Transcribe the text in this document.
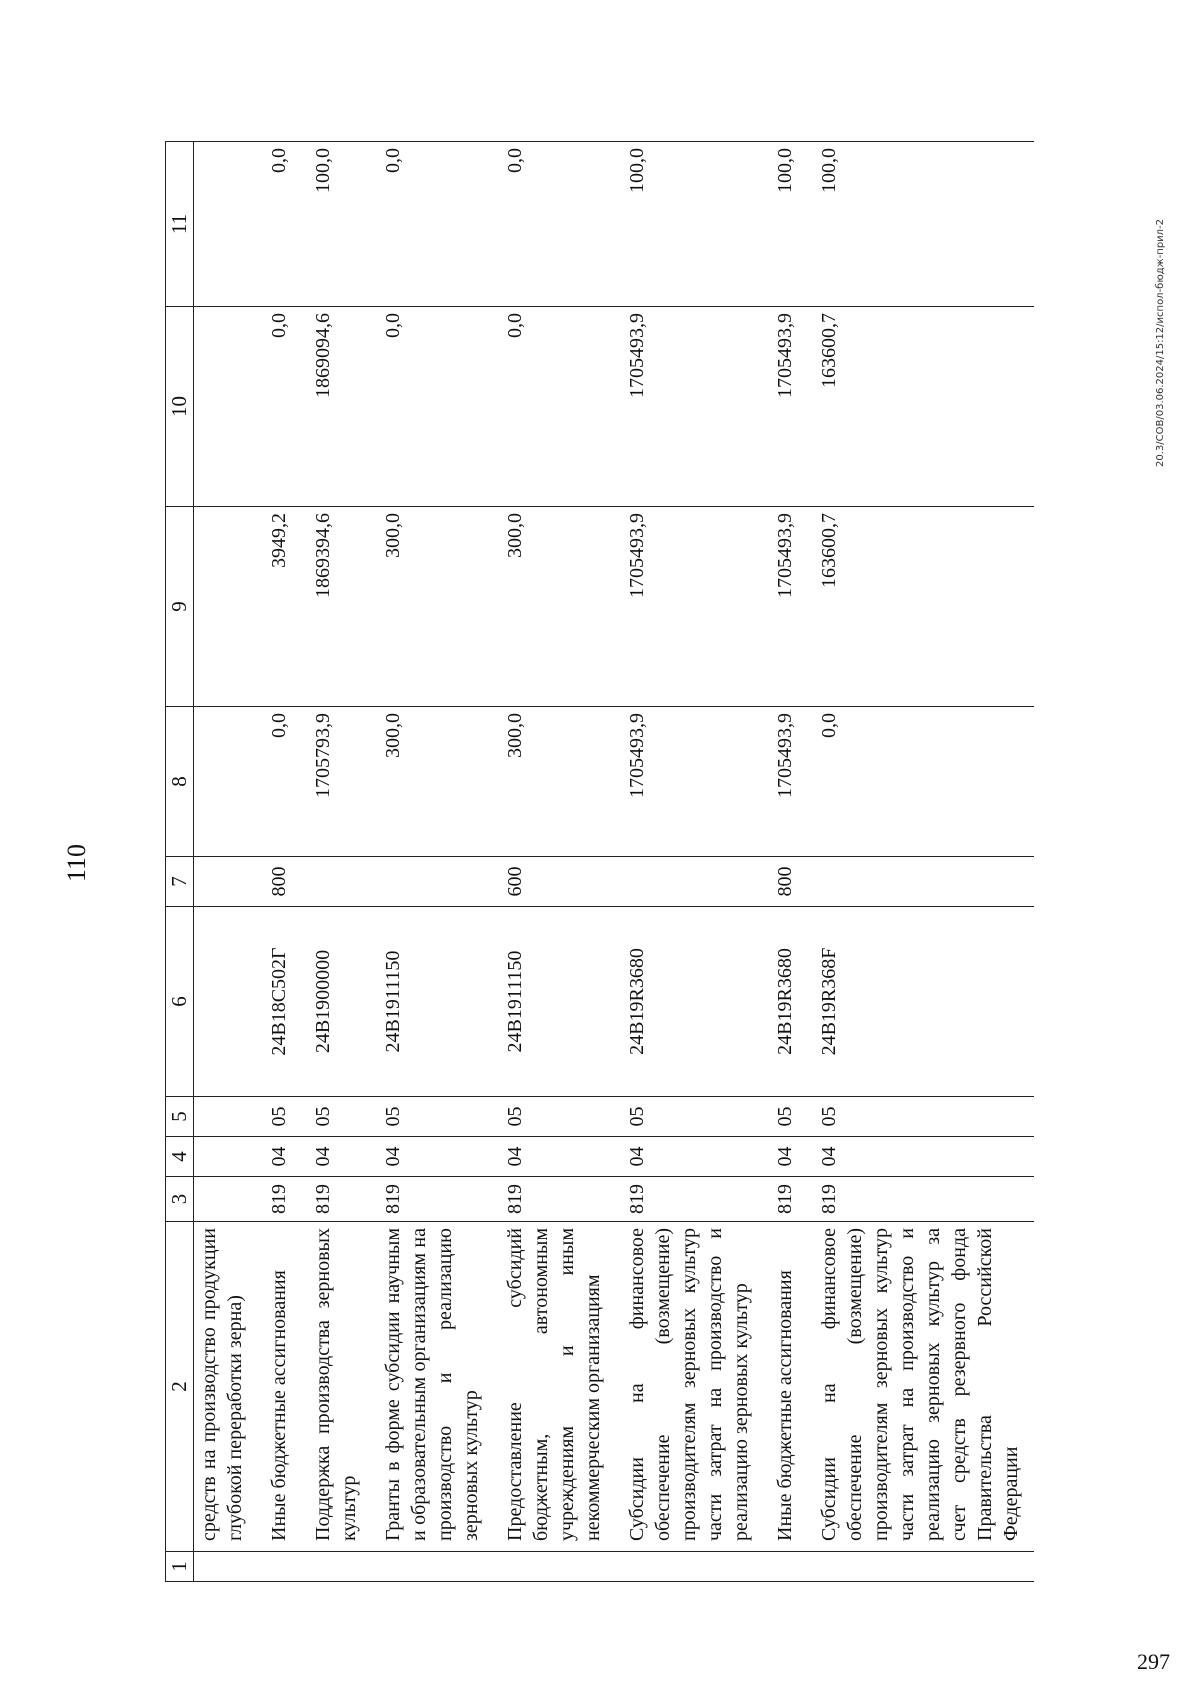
110
1	2	3	4	5	6	7	8	9	10	11
	средств на производство продукции глубокой переработки зерна)									
	Иные бюджетные ассигнования	819	04	05	24В18С502Г	800	0,0	3949,2	0,0	0,0
	Поддержка производства зерновых культур	819	04	05	24В1900000		1705793,9	1869394,6	1869094,6	100,0
	Гранты в форме субсидии научным и образовательным организациям на производство и реализацию зерновых культур	819	04	05	24В1911150		300,0	300,0	0,0	0,0
	Предоставление субсидий бюджетным, автономным учреждениям и иным некоммерческим организациям	819	04	05	24В1911150	600	300,0	300,0	0,0	0,0
	Субсидии на финансовое обеспечение (возмещение) производителям зерновых культур части затрат на производство и реализацию зерновых культур	819	04	05	24В19R3680		1705493,9	1705493,9	1705493,9	100,0
	Иные бюджетные ассигнования	819	04	05	24В19R3680	800	1705493,9	1705493,9	1705493,9	100,0
	Субсидии на финансовое обеспечение (возмещение) производителям зерновых культур части затрат на производство и реализацию зерновых культур за счет средств резервного фонда Правительства Российской Федерации	819	04	05	24В19R368F		0,0	163600,7	163600,7	100,0
20.3/СОВ/03.06.2024/15:12/испол-бюдж-прил-2
297
